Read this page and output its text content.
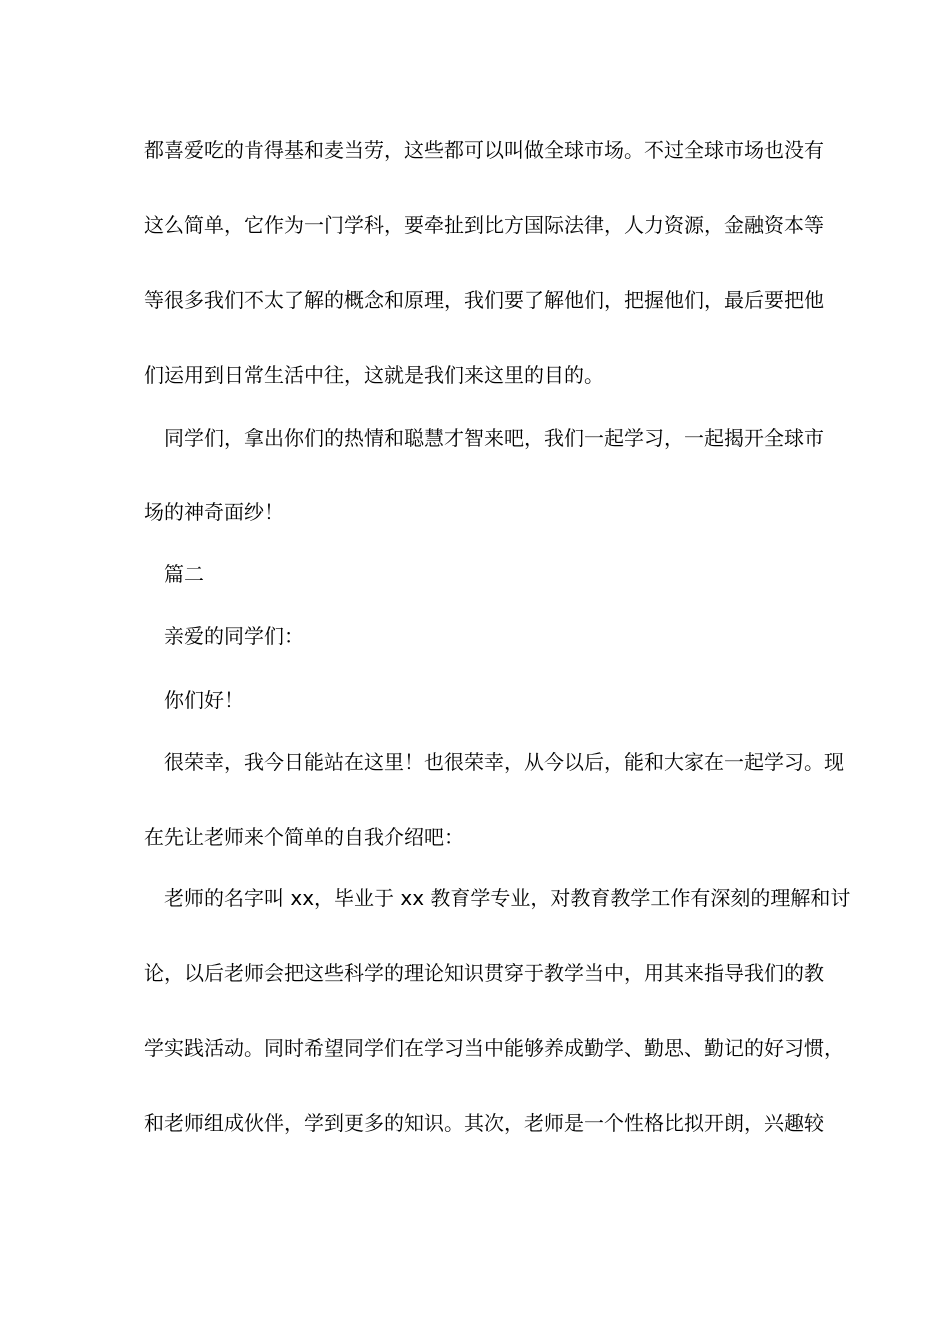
都喜爱吃的肯得基和麦当劳，这些都可以叫做全球市场。不过全球市场也没有
这么简单，它作为一门学科，要牵扯到比方国际法律，人力资源，金融资本等
等很多我们不太了解的概念和原理，我们要了解他们，把握他们，最后要把他
们运用到日常生活中往，这就是我们来这里的目的。
同学们，拿出你们的热情和聪慧才智来吧，我们一起学习，一起揭开全球市
场的神奇面纱！
篇二
亲爱的同学们：
你们好！
很荣幸，我今日能站在这里！也很荣幸，从今以后，能和大家在一起学习。现
在先让老师来个简单的自我介绍吧：
老师的名字叫 xx，毕业于 xx 教育学专业，对教育教学工作有深刻的理解和讨
论，以后老师会把这些科学的理论知识贯穿于教学当中，用其来指导我们的教
学实践活动。同时希望同学们在学习当中能够养成勤学、勤思、勤记的好习惯，
和老师组成伙伴，学到更多的知识。其次，老师是一个性格比拟开朗，兴趣较
